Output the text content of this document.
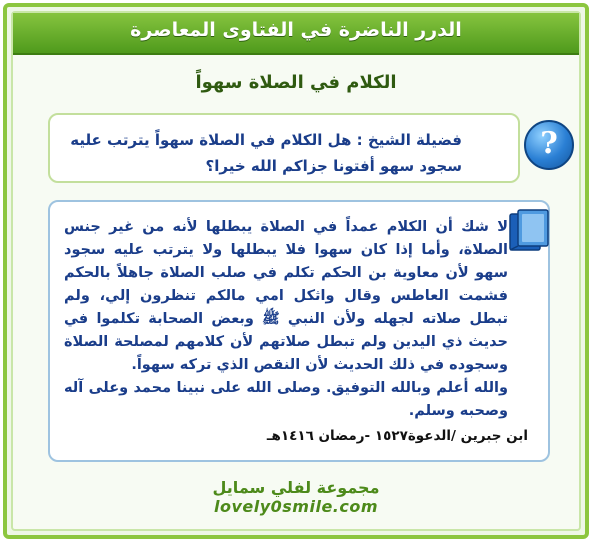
الدرر الناضرة في الفتاوى المعاصرة
الكلام في الصلاة سهواً
فضيلة الشيخ : هل الكلام في الصلاة سهواً يترتب عليه سجود سهو أفتونا جزاكم الله خيرا؟
?

لا شك أن الكلام عمداً في الصلاة يبطلها لأنه من غير جنس الصلاة، وأما إذا كان سهوا فلا يبطلها ولا يترتب عليه سجود سهو لأن معاوية بن الحكم تكلم في صلب الصلاة جاهلاً بالحكم فشمت العاطس وقال واثكل امي مالكم تنظرون إلي، ولم تبطل صلاته لجهله ولأن النبي ﷺ وبعض الصحابة تكلموا في حديث ذي اليدين ولم تبطل صلاتهم لأن كلامهم لمصلحة الصلاة وسجوده في ذلك الحديث لأن النقص الذي تركه سهواً.

والله أعلم وبالله التوفيق. وصلى الله على نبينا محمد وعلى آله وصحبه وسلم.

ابن جبرين /الدعوة١٥٢٧ -رمضان ١٤١٦هـ
مجموعة لفلي سمايل
lovely0smile.com
